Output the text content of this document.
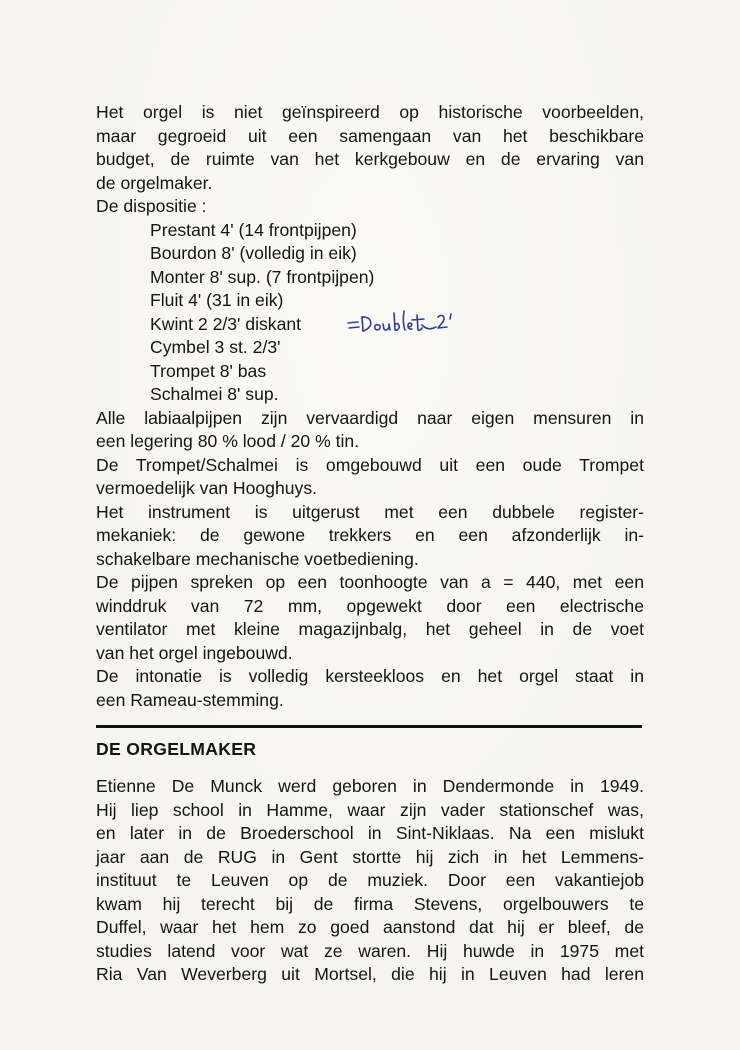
Het orgel is niet geïnspireerd op historische voorbeelden,
maar gegroeid uit een samengaan van het beschikbare
budget, de ruimte van het kerkgebouw en de ervaring van
de orgelmaker.
De dispositie :
Prestant 4' (14 frontpijpen)
Bourdon 8' (volledig in eik)
Monter 8' sup. (7 frontpijpen)
Fluit 4' (31 in eik)
Kwint 2 2/3' diskant
Cymbel 3 st. 2/3'
Trompet 8' bas
Schalmei 8' sup.
Alle labiaalpijpen zijn vervaardigd naar eigen mensuren in
een legering 80 % lood / 20 % tin.
De Trompet/Schalmei is omgebouwd uit een oude Trompet
vermoedelijk van Hooghuys.
Het instrument is uitgerust met een dubbele register-
mekaniek: de gewone trekkers en een afzonderlijk in-
schakelbare mechanische voetbediening.
De pijpen spreken op een toonhoogte van a = 440, met een
winddruk van 72 mm, opgewekt door een electrische
ventilator met kleine magazijnbalg, het geheel in de voet
van het orgel ingebouwd.
De intonatie is volledig kersteekloos en het orgel staat in
een Rameau-stemming.
DE ORGELMAKER
Etienne De Munck werd geboren in Dendermonde in 1949.
Hij liep school in Hamme, waar zijn vader stationschef was,
en later in de Broederschool in Sint-Niklaas. Na een mislukt
jaar aan de RUG in Gent stortte hij zich in het Lemmens-
instituut te Leuven op de muziek. Door een vakantiejob
kwam hij terecht bij de firma Stevens, orgelbouwers te
Duffel, waar het hem zo goed aanstond dat hij er bleef, de
studies latend voor wat ze waren. Hij huwde in 1975 met
Ria Van Weverberg uit Mortsel, die hij in Leuven had leren
